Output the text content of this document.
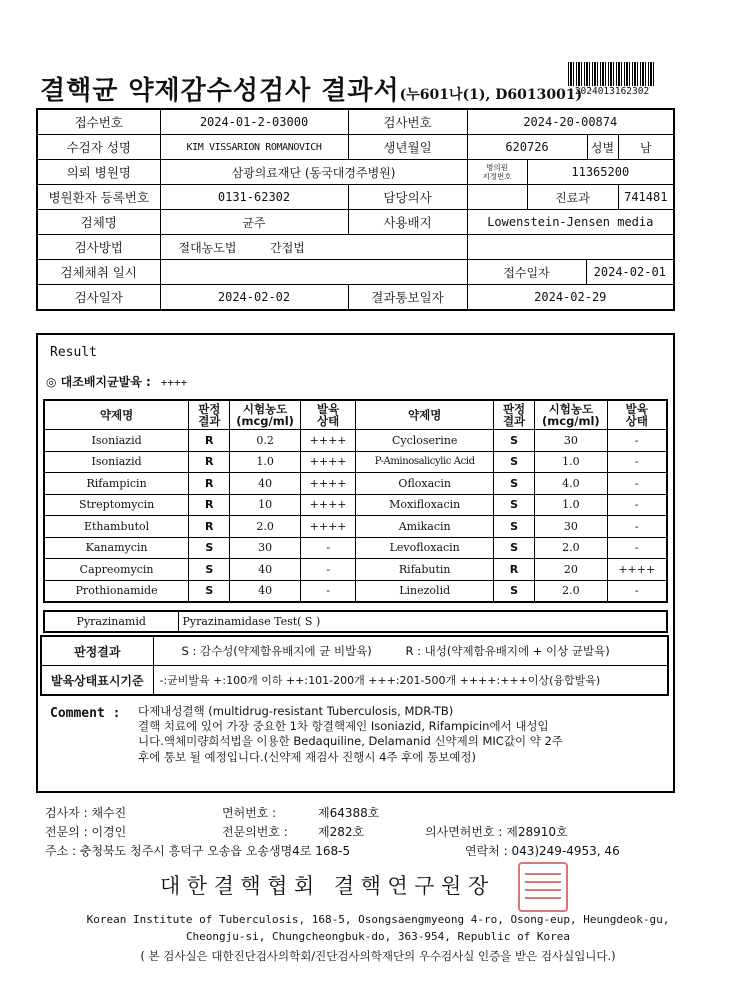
결핵균 약제감수성검사 결과서(누601나(1), D6013001)
2024013162302
접수번호	2024-01-2-03000	검사번호	2024-20-00874
수검자 성명	KIM VISSARION ROMANOVICH	생년월일	620726	성별	남
의뢰 병원명	삼광의료재단 (동국대경주병원)	병의원 지정번호	11365200
병원환자 등록번호	0131-62302	담당의사		진료과	741481
검체명	균주	사용배지	Lowenstein-Jensen media
검사방법	절대농도법	간접법	
검체채취 일시			접수일자	2024-02-01

검사일자	2024-02-02	결과통보일자	2024-02-29
Result
◎ 대조배지균발육 : ++++
약제명	판정
결과	시험농도
(mcg/ml)	발육
상태	약제명	판정
결과	시험농도
(mcg/ml)	발육
상태
Isoniazid	R	0.2	++++	Cycloserine	S	30	-
Isoniazid	R	1.0	++++	P-Aminosalicylic Acid	S	1.0	-
Rifampicin	R	40	++++	Ofloxacin	S	4.0	-
Streptomycin	R	10	++++	Moxifloxacin	S	1.0	-
Ethambutol	R	2.0	++++	Amikacin	S	30	-
Kanamycin	S	30	-	Levofloxacin	S	2.0	-
Capreomycin	S	40	-	Rifabutin	R	20	++++
Prothionamide	S	40	-	Linezolid	S	2.0	-
Pyrazinamid	Pyrazinamidase Test( S )
판정결과	S : 감수성(약제함유배지에 균 비발육) R : 내성(약제함유배지에 + 이상 균발육)
발육상태표시기준	-:균비발육 +:100개 이하 ++:101-200개 +++:201-500개 ++++:+++이상(융합발육)
Comment : 다제내성결핵 (multidrug-resistant Tuberculosis, MDR-TB)
결핵 치료에 있어 가장 중요한 1차 항결핵제인 Isoniazid, Rifampicin에서 내성입
니다.액체미량희석법을 이용한 Bedaquiline, Delamanid 신약제의 MIC값이 약 2주
후에 통보 될 예정입니다.(신약제 재검사 진행시 4주 후에 통보예정)
검사자 : 채수진	면허번호 :	제64388호
전문의 : 이경인	전문의번호 :	제282호	의사면허번호 : 제28910호
주소 : 충청북도 청주시 흥덕구 오송읍 오송생명4로 168-5	연락처 : 043)249-4953, 46
대한결핵협회 결핵연구원장
Korean Institute of Tuberculosis, 168-5, Osongsaengmyeong 4-ro, Osong-eup, Heungdeok-gu,
Cheongju-si, Chungcheongbuk-do, 363-954, Republic of Korea
( 본 검사실은 대한진단검사의학회/진단검사의학재단의 우수검사실 인증을 받은 검사실입니다.)
